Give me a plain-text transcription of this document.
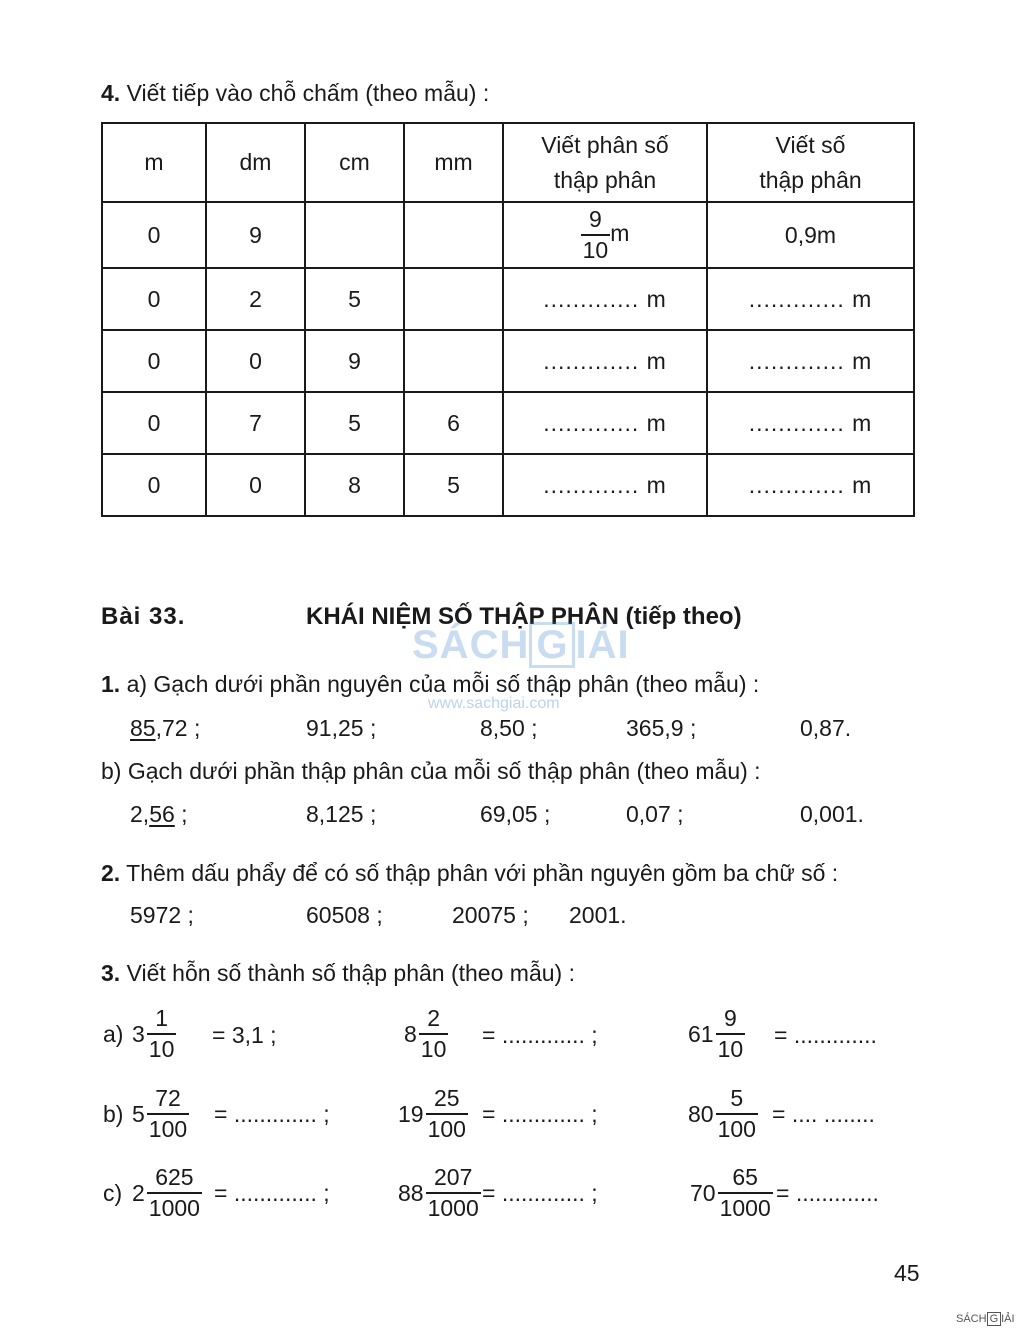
4. Viết tiếp vào chỗ chấm (theo mẫu) :
m	dm	cm	mm	Viết phân số thập phân	Viết số thập phân

0	9			$\frac{9}{10}$ m	0,9m
0	2	5		............. m	............. m
0	0	9		............. m	............. m
0	7	5	6	............. m	............. m
0	0	8	5	............. m	............. m
Bài 33.	KHÁI NIỆM SỐ THẬP PHÂN (tiếp theo)
SÁCH G IẢI
www.sachgiai.com
1. a) Gạch dưới phần nguyên của mỗi số thập phân (theo mẫu) :
85,72 ;	91,25 ;	8,50 ;	365,9 ;	0,87.
b) Gạch dưới phần thập phân của mỗi số thập phân (theo mẫu) :
2,56 ;	8,125 ;	69,05 ;	0,07 ;	0,001.
2. Thêm dấu phẩy để có số thập phân với phần nguyên gồm ba chữ số :
5972 ;	60508 ;	20075 ; 2001.
3. Viết hỗn số thành số thập phân (theo mẫu) :
a) $3 \frac{1}{10} = 3,1$ ;	$8 \frac{2}{10}$ = ............. ;	$61 \frac{9}{10}$ = .............
b) $5 \frac{72}{100}$ = ............. ;	$19 \frac{25}{100}$ = ............. ;	$80 \frac{5}{100}$ = .... ........
c) $2 \frac{625}{1000}$ = ............. ;	$88 \frac{207}{1000}$ = ............. ;	$70 \frac{65}{1000}$ = .............
45
SÁCH G IẢI
